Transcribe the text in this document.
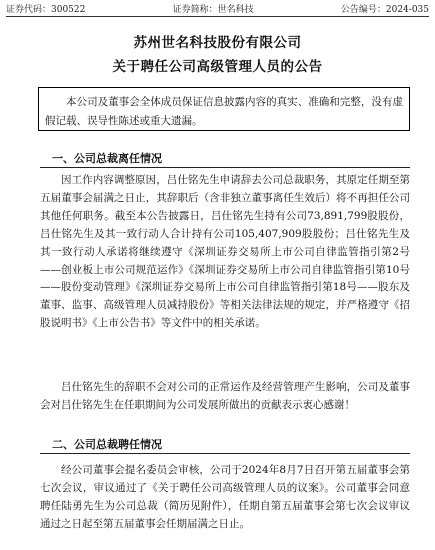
证券代码：300522	证券简称：世名科技	公告编号：2024-035
苏州世名科技股份有限公司
关于聘任公司高级管理人员的公告
本公司及董事会全体成员保证信息披露内容的真实、准确和完整，没有虚假记载、误导性陈述或重大遗漏。
一、公司总裁离任情况

因工作内容调整原因，吕仕铭先生申请辞去公司总裁职务，其原定任期至第五届董事会届满之日止，其辞职后（含非独立董事离任生效后）将不再担任公司其他任何职务。截至本公告披露日，吕仕铭先生持有公司73,891,799股股份，吕仕铭先生及其一致行动人合计持有公司105,407,909股股份；吕仕铭先生及其一致行动人承诺将继续遵守《深圳证券交易所上市公司自律监管指引第2号——创业板上市公司规范运作》《深圳证券交易所上市公司自律监管指引第10号——股份变动管理》《深圳证券交易所上市公司自律监管指引第18号——股东及董事、监事、高级管理人员减持股份》等相关法律法规的规定，并严格遵守《招股说明书》《上市公告书》等文件中的相关承诺。

吕仕铭先生的辞职不会对公司的正常运作及经营管理产生影响，公司及董事会对吕仕铭先生在任职期间为公司发展所做出的贡献表示衷心感谢！

二、公司总裁聘任情况

经公司董事会提名委员会审核，公司于2024年8月7日召开第五届董事会第七次会议，审议通过了《关于聘任公司高级管理人员的议案》。公司董事会同意聘任陆勇先生为公司总裁（简历见附件），任期自第五届董事会第七次会议审议通过之日起至第五届董事会任期届满之日止。
